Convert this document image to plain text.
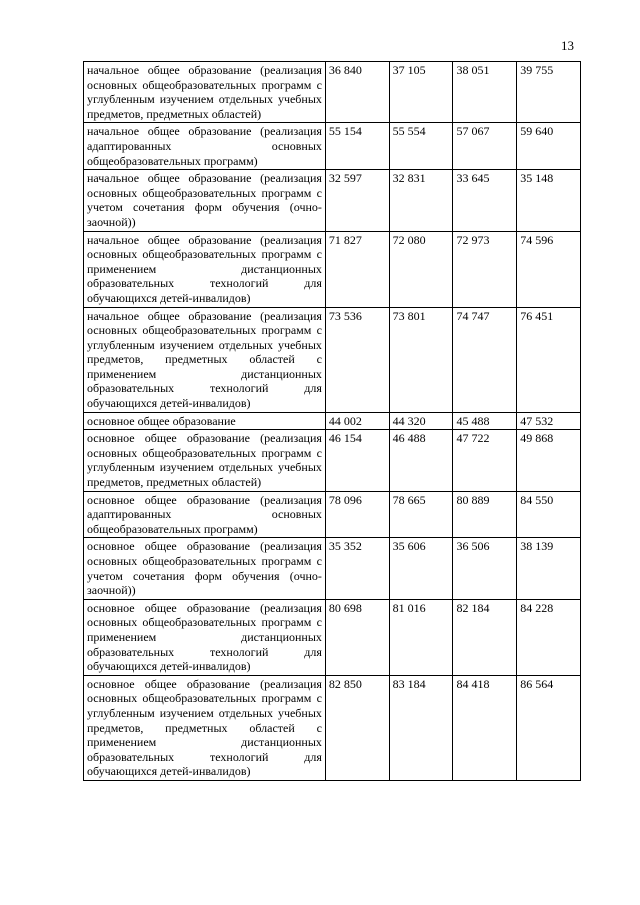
13
начальное общее образование (реализация основных общеобразовательных программ с углубленным изучением отдельных учебных предметов, предметных областей)	36 840	37 105	38 051	39 755
начальное общее образование (реализация адаптированных основных общеобразовательных программ)	55 154	55 554	57 067	59 640
начальное общее образование (реализация основных общеобразовательных программ с учетом сочетания форм обучения (очно-заочной))	32 597	32 831	33 645	35 148
начальное общее образование (реализация основных общеобразовательных программ с применением дистанционных образовательных технологий для обучающихся детей-инвалидов)	71 827	72 080	72 973	74 596
начальное общее образование (реализация основных общеобразовательных программ с углубленным изучением отдельных учебных предметов, предметных областей с применением дистанционных образовательных технологий для обучающихся детей-инвалидов)	73 536	73 801	74 747	76 451
основное общее образование	44 002	44 320	45 488	47 532
основное общее образование (реализация основных общеобразовательных программ с углубленным изучением отдельных учебных предметов, предметных областей)	46 154	46 488	47 722	49 868
основное общее образование (реализация адаптированных основных общеобразовательных программ)	78 096	78 665	80 889	84 550
основное общее образование (реализация основных общеобразовательных программ с учетом сочетания форм обучения (очно-заочной))	35 352	35 606	36 506	38 139
основное общее образование (реализация основных общеобразовательных программ с применением дистанционных образовательных технологий для обучающихся детей-инвалидов)	80 698	81 016	82 184	84 228
основное общее образование (реализация основных общеобразовательных программ с углубленным изучением отдельных учебных предметов, предметных областей с применением дистанционных образовательных технологий для обучающихся детей-инвалидов)	82 850	83 184	84 418	86 564
